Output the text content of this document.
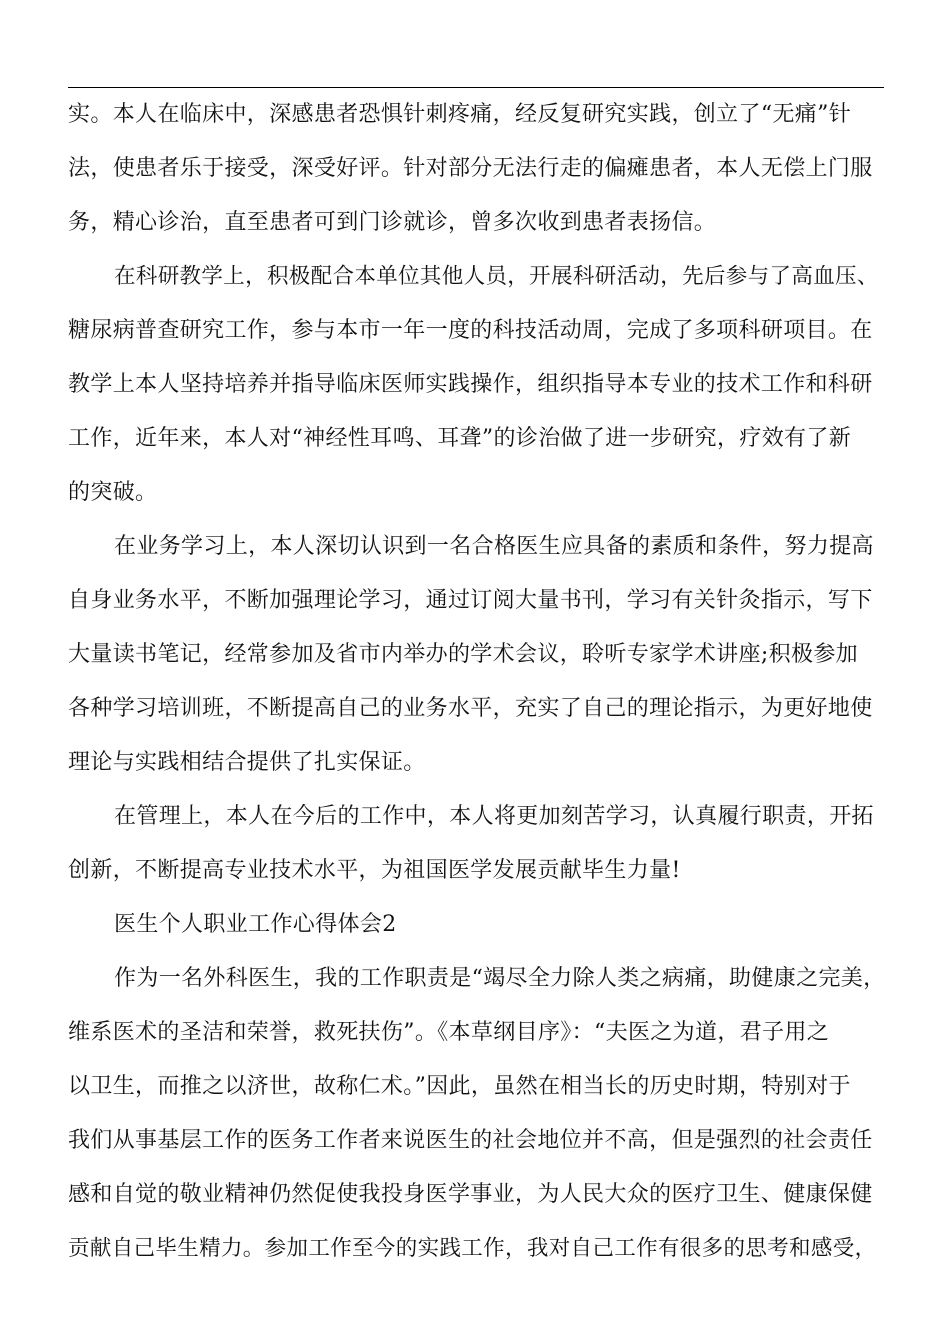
实。本人在临床中，深感患者恐惧针刺疼痛，经反复研究实践，创立了“无痛”针
法，使患者乐于接受，深受好评。针对部分无法行走的偏瘫患者，本人无偿上门服
务，精心诊治，直至患者可到门诊就诊，曾多次收到患者表扬信。
在科研教学上，积极配合本单位其他人员，开展科研活动，先后参与了高血压、
糖尿病普查研究工作，参与本市一年一度的科技活动周，完成了多项科研项目。在
教学上本人坚持培养并指导临床医师实践操作，组织指导本专业的技术工作和科研
工作，近年来，本人对“神经性耳鸣、耳聋”的诊治做了进一步研究，疗效有了新
的突破。
在业务学习上，本人深切认识到一名合格医生应具备的素质和条件，努力提高
自身业务水平，不断加强理论学习，通过订阅大量书刊，学习有关针灸指示，写下
大量读书笔记，经常参加及省市内举办的学术会议，聆听专家学术讲座;积极参加
各种学习培训班，不断提高自己的业务水平，充实了自己的理论指示，为更好地使
理论与实践相结合提供了扎实保证。
在管理上，本人在今后的工作中，本人将更加刻苦学习，认真履行职责，开拓
创新，不断提高专业技术水平，为祖国医学发展贡献毕生力量!
医生个人职业工作心得体会2
作为一名外科医生，我的工作职责是“竭尽全力除人类之病痛，助健康之完美，
维系医术的圣洁和荣誉，救死扶伤”。《本草纲目序》：“夫医之为道，君子用之
以卫生，而推之以济世，故称仁术。”因此，虽然在相当长的历史时期，特别对于
我们从事基层工作的医务工作者来说医生的社会地位并不高，但是强烈的社会责任
感和自觉的敬业精神仍然促使我投身医学事业，为人民大众的医疗卫生、健康保健
贡献自己毕生精力。参加工作至今的实践工作，我对自己工作有很多的思考和感受，
